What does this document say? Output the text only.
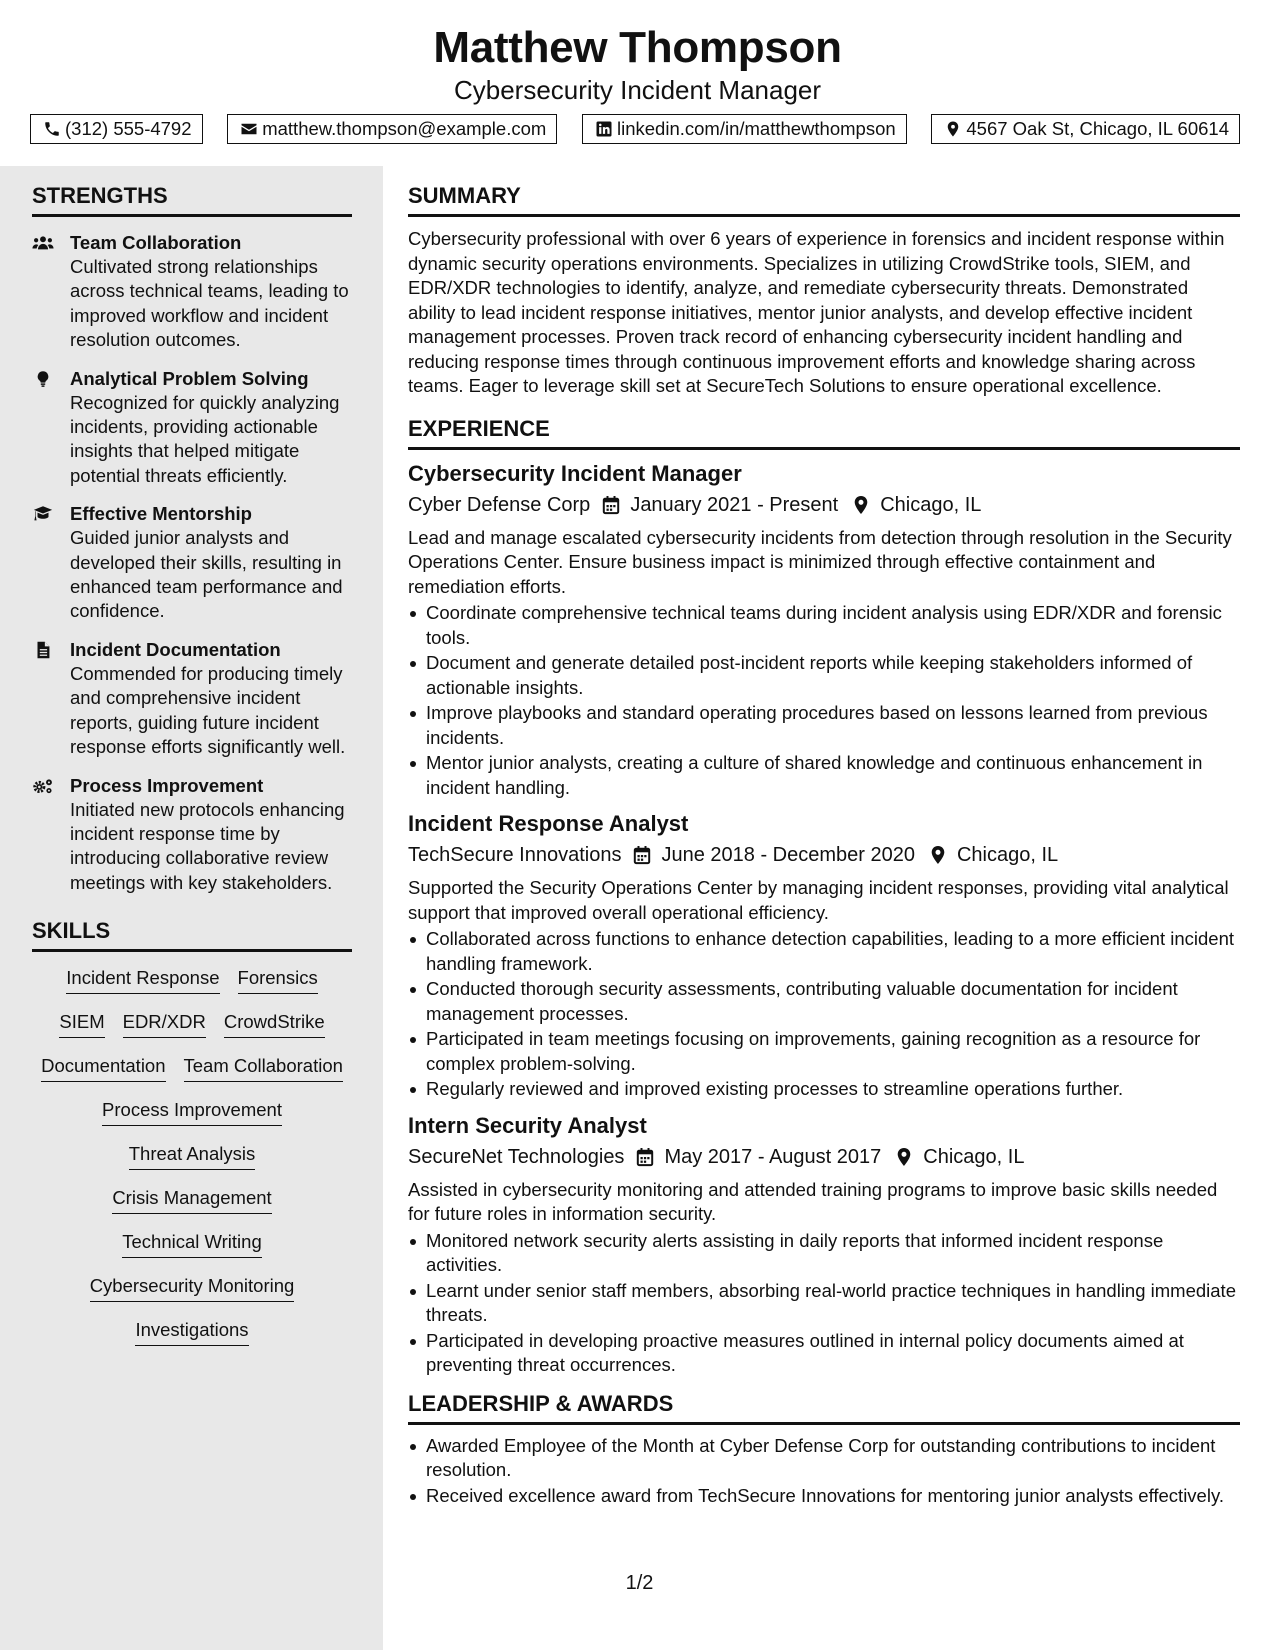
Matthew Thompson
Cybersecurity Incident Manager
(312) 555-4792	matthew.thompson@example.com	linkedin.com/in/matthewthompson	4567 Oak St, Chicago, IL 60614
STRENGTHS
Team Collaboration
Cultivated strong relationships across technical teams, leading to improved workflow and incident resolution outcomes.
Analytical Problem Solving
Recognized for quickly analyzing incidents, providing actionable insights that helped mitigate potential threats efficiently.
Effective Mentorship
Guided junior analysts and developed their skills, resulting in enhanced team performance and confidence.
Incident Documentation
Commended for producing timely and comprehensive incident reports, guiding future incident response efforts significantly well.
Process Improvement
Initiated new protocols enhancing incident response time by introducing collaborative review meetings with key stakeholders.
SKILLS
Incident Response Forensics
SIEM EDR/XDR CrowdStrike
Documentation Team Collaboration
Process Improvement
Threat Analysis
Crisis Management
Technical Writing
Cybersecurity Monitoring
Investigations
SUMMARY
Cybersecurity professional with over 6 years of experience in forensics and incident response within dynamic security operations environments. Specializes in utilizing CrowdStrike tools, SIEM, and EDR/XDR technologies to identify, analyze, and remediate cybersecurity threats. Demonstrated ability to lead incident response initiatives, mentor junior analysts, and develop effective incident management processes. Proven track record of enhancing cybersecurity incident handling and reducing response times through continuous improvement efforts and knowledge sharing across teams. Eager to leverage skill set at SecureTech Solutions to ensure operational excellence.
EXPERIENCE
Cybersecurity Incident Manager
Cyber Defense Corp January 2021 - Present Chicago, IL
Lead and manage escalated cybersecurity incidents from detection through resolution in the Security Operations Center. Ensure business impact is minimized through effective containment and remediation efforts.
Coordinate comprehensive technical teams during incident analysis using EDR/XDR and forensic tools.
Document and generate detailed post-incident reports while keeping stakeholders informed of actionable insights.
Improve playbooks and standard operating procedures based on lessons learned from previous incidents.
Mentor junior analysts, creating a culture of shared knowledge and continuous enhancement in incident handling.
Incident Response Analyst
TechSecure Innovations June 2018 - December 2020 Chicago, IL
Supported the Security Operations Center by managing incident responses, providing vital analytical support that improved overall operational efficiency.
Collaborated across functions to enhance detection capabilities, leading to a more efficient incident handling framework.
Conducted thorough security assessments, contributing valuable documentation for incident management processes.
Participated in team meetings focusing on improvements, gaining recognition as a resource for complex problem-solving.
Regularly reviewed and improved existing processes to streamline operations further.
Intern Security Analyst
SecureNet Technologies May 2017 - August 2017 Chicago, IL
Assisted in cybersecurity monitoring and attended training programs to improve basic skills needed for future roles in information security.
Monitored network security alerts assisting in daily reports that informed incident response activities.
Learnt under senior staff members, absorbing real-world practice techniques in handling immediate threats.
Participated in developing proactive measures outlined in internal policy documents aimed at preventing threat occurrences.
LEADERSHIP & AWARDS
Awarded Employee of the Month at Cyber Defense Corp for outstanding contributions to incident resolution.
Received excellence award from TechSecure Innovations for mentoring junior analysts effectively.
1/2
